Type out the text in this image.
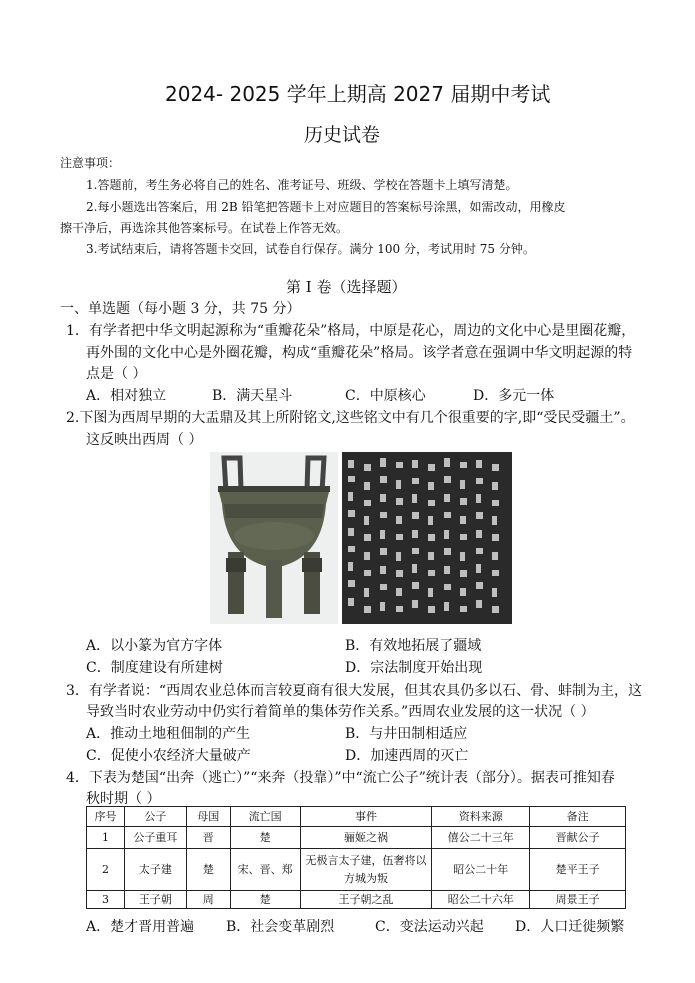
2024- 2025 学年上期高 2027 届期中考试
历史试卷
注意事项：
1.答题前，考生务必将自己的姓名、准考证号、班级、学校在答题卡上填写清楚。
2.每小题选出答案后，用 2B 铅笔把答题卡上对应题目的答案标号涂黑，如需改动，用橡皮
擦干净后，再选涂其他答案标号。在试卷上作答无效。
3.考试结束后，请将答题卡交回，试卷自行保存。满分 100 分，考试用时 75 分钟。
第 I 卷（选择题）
一、单选题（每小题 3 分，共 75 分）
1．有学者把中华文明起源称为“重瓣花朵”格局，中原是花心，周边的文化中心是里圈花瓣，
再外围的文化中心是外圈花瓣，构成“重瓣花朵”格局。该学者意在强调中华文明起源的特
点是（ ）
A．相对独立	B．满天星斗	C．中原核心	D．多元一体
2.下图为西周早期的大盂鼎及其上所附铭文,这些铭文中有几个很重要的字,即“受民受疆土”。
这反映出西周（ ）
A．以小篆为官方字体	B．有效地拓展了疆域
C．制度建设有所建树	D．宗法制度开始出现
3．有学者说：“西周农业总体而言较夏商有很大发展，但其农具仍多以石、骨、蚌制为主，这
导致当时农业劳动中仍实行着简单的集体劳作关系。”西周农业发展的这一状况（ ）
A．推动土地租佃制的产生	B．与井田制相适应
C．促使小农经济大量破产	D．加速西周的灭亡
4．下表为楚国“出奔（逃亡）”“来奔（投靠）”中“流亡公子”统计表（部分）。据表可推知春
秋时期（ ）
序号	公子	母国	流亡国	事件	资料来源	备注
1	公子重耳	晋	楚	骊姬之祸	僖公二十三年	晋献公子
2	太子建	楚	宋、晋、郑	无极言太子建，伍奢将以方城为叛	昭公二十年	楚平王子
3	王子朝	周	楚	王子朝之乱	昭公二十六年	周景王子
A．楚才晋用普遍 B．社会变革剧烈	C．变法运动兴起 D．人口迁徙频繁
